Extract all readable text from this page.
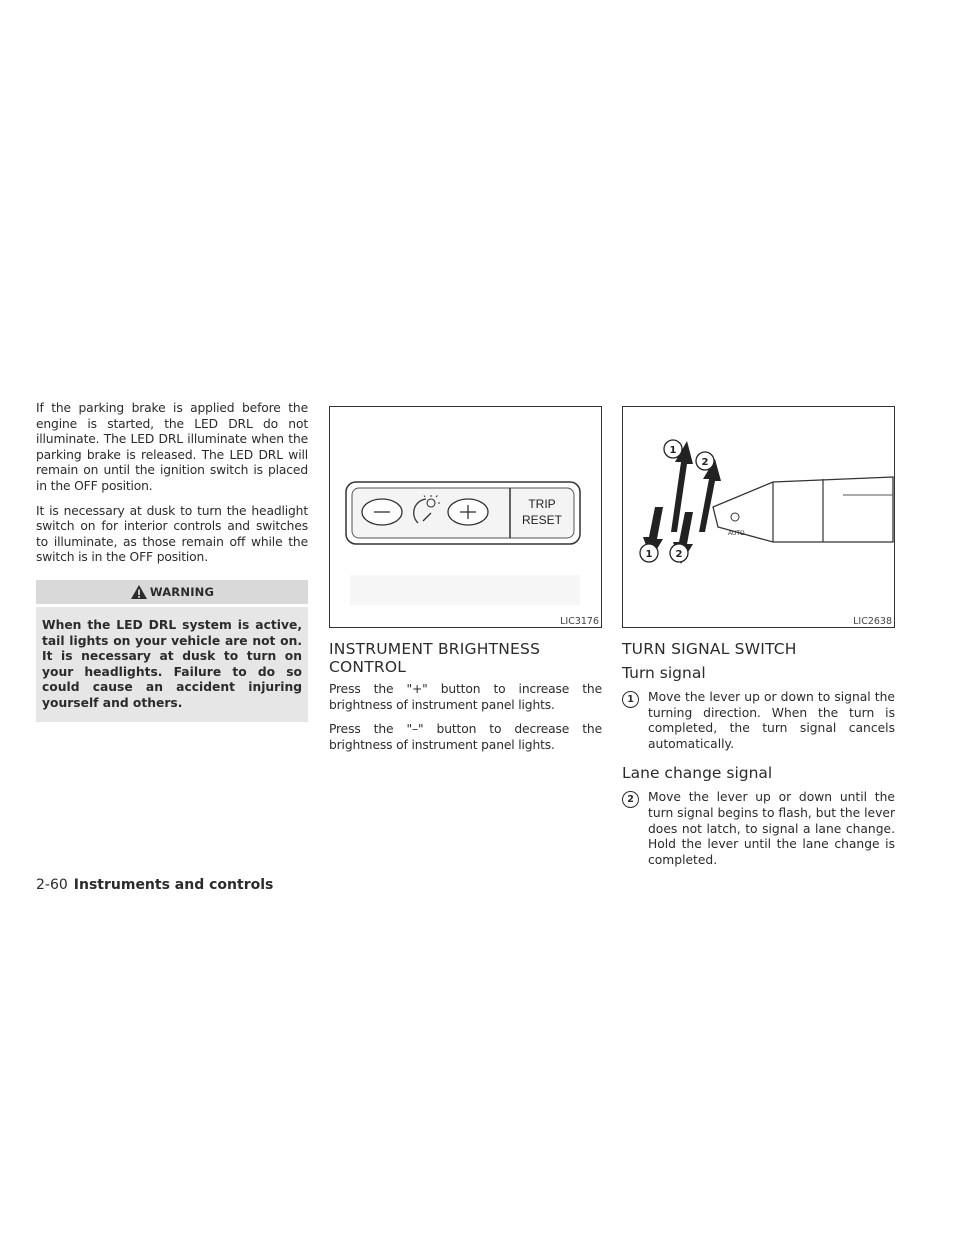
If the parking brake is applied before the engine is started, the LED DRL do not illuminate. The LED DRL illuminate when the parking brake is released. The LED DRL will remain on until the ignition switch is placed in the OFF position.

It is necessary at dusk to turn the headlight switch on for interior controls and switches to illuminate, as those remain off while the switch is in the OFF position.

WARNING
When the LED DRL system is active, tail lights on your vehicle are not on. It is necessary at dusk to turn on your headlights. Failure to do so could cause an accident injuring yourself and others.
TRIP
RESET
LIC3176
INSTRUMENT BRIGHTNESS CONTROL

Press the "+" button to increase the brightness of instrument panel lights.

Press the "–" button to decrease the brightness of instrument panel lights.

AUTO
1
2
1 2
LIC2638
TURN SIGNAL SWITCH
Turn signal
1	Move the lever up or down to signal the turning direction. When the turn is completed, the turn signal cancels automatically.
Lane change signal
2	Move the lever up or down until the turn signal begins to flash, but the lever does not latch, to signal a lane change. Hold the lever until the lane change is completed.
2-60 Instruments and controls
